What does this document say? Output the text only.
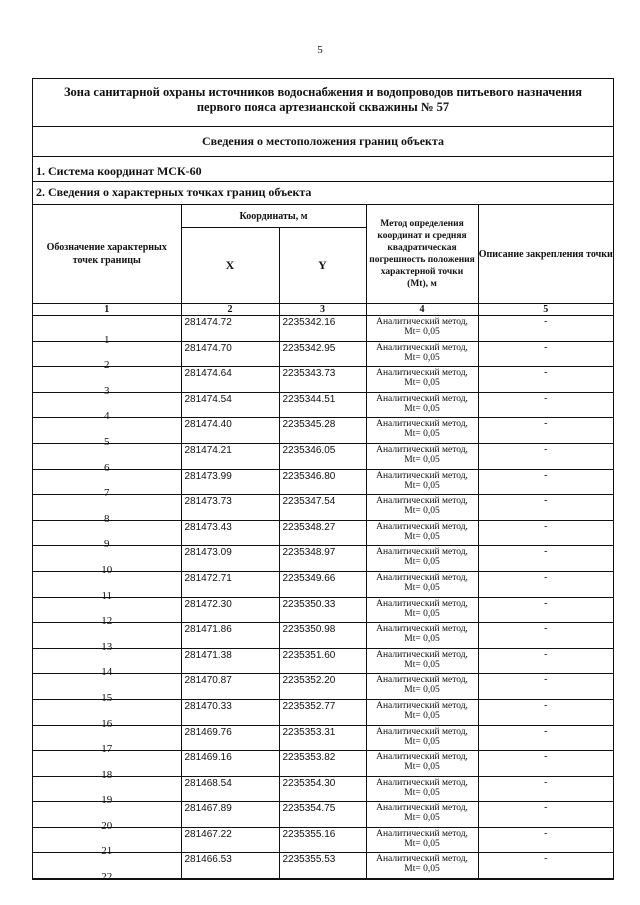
5
Зона санитарной охраны источников водоснабжения и водопроводов питьевого назначения
первого пояса артезианской скважины № 57
Сведения о местоположения границ объекта
1. Система координат МСК-60
2. Сведения о характерных точках границ объекта
Обозначение характерных точек границы	Координаты, м		Метод определения координат и средняя квадратическая погрешность положения характерной точки
(Mt), м	Описание закрепления точки
	X	Y		
1	2	3	4	5

1	281474.72	2235342.16	Аналитический метод,
Mt= 0,05	-

2	281474.70	2235342.95	Аналитический метод,
Mt= 0,05	-

3	281474.64	2235343.73	Аналитический метод,
Mt= 0,05	-

4	281474.54	2235344.51	Аналитический метод,
Mt= 0,05	-

5	281474.40	2235345.28	Аналитический метод,
Mt= 0,05	-

6	281474.21	2235346.05	Аналитический метод,
Mt= 0,05	-

7	281473.99	2235346.80	Аналитический метод,
Mt= 0,05	-

8	281473.73	2235347.54	Аналитический метод,
Mt= 0,05	-

9	281473.43	2235348.27	Аналитический метод,
Mt= 0,05	-

10	281473.09	2235348.97	Аналитический метод,
Mt= 0,05	-

11	281472.71	2235349.66	Аналитический метод,
Mt= 0,05	-

12	281472.30	2235350.33	Аналитический метод,
Mt= 0,05	-

13	281471.86	2235350.98	Аналитический метод,
Mt= 0,05	-

14	281471.38	2235351.60	Аналитический метод,
Mt= 0,05	-

15	281470.87	2235352.20	Аналитический метод,
Mt= 0,05	-

16	281470.33	2235352.77	Аналитический метод,
Mt= 0,05	-

17	281469.76	2235353.31	Аналитический метод,
Mt= 0,05	-

18	281469.16	2235353.82	Аналитический метод,
Mt= 0,05	-

19	281468.54	2235354.30	Аналитический метод,
Mt= 0,05	-

20	281467.89	2235354.75	Аналитический метод,
Mt= 0,05	-

21	281467.22	2235355.16	Аналитический метод,
Mt= 0,05	-

22	281466.53	2235355.53	Аналитический метод,
Mt= 0,05	-
